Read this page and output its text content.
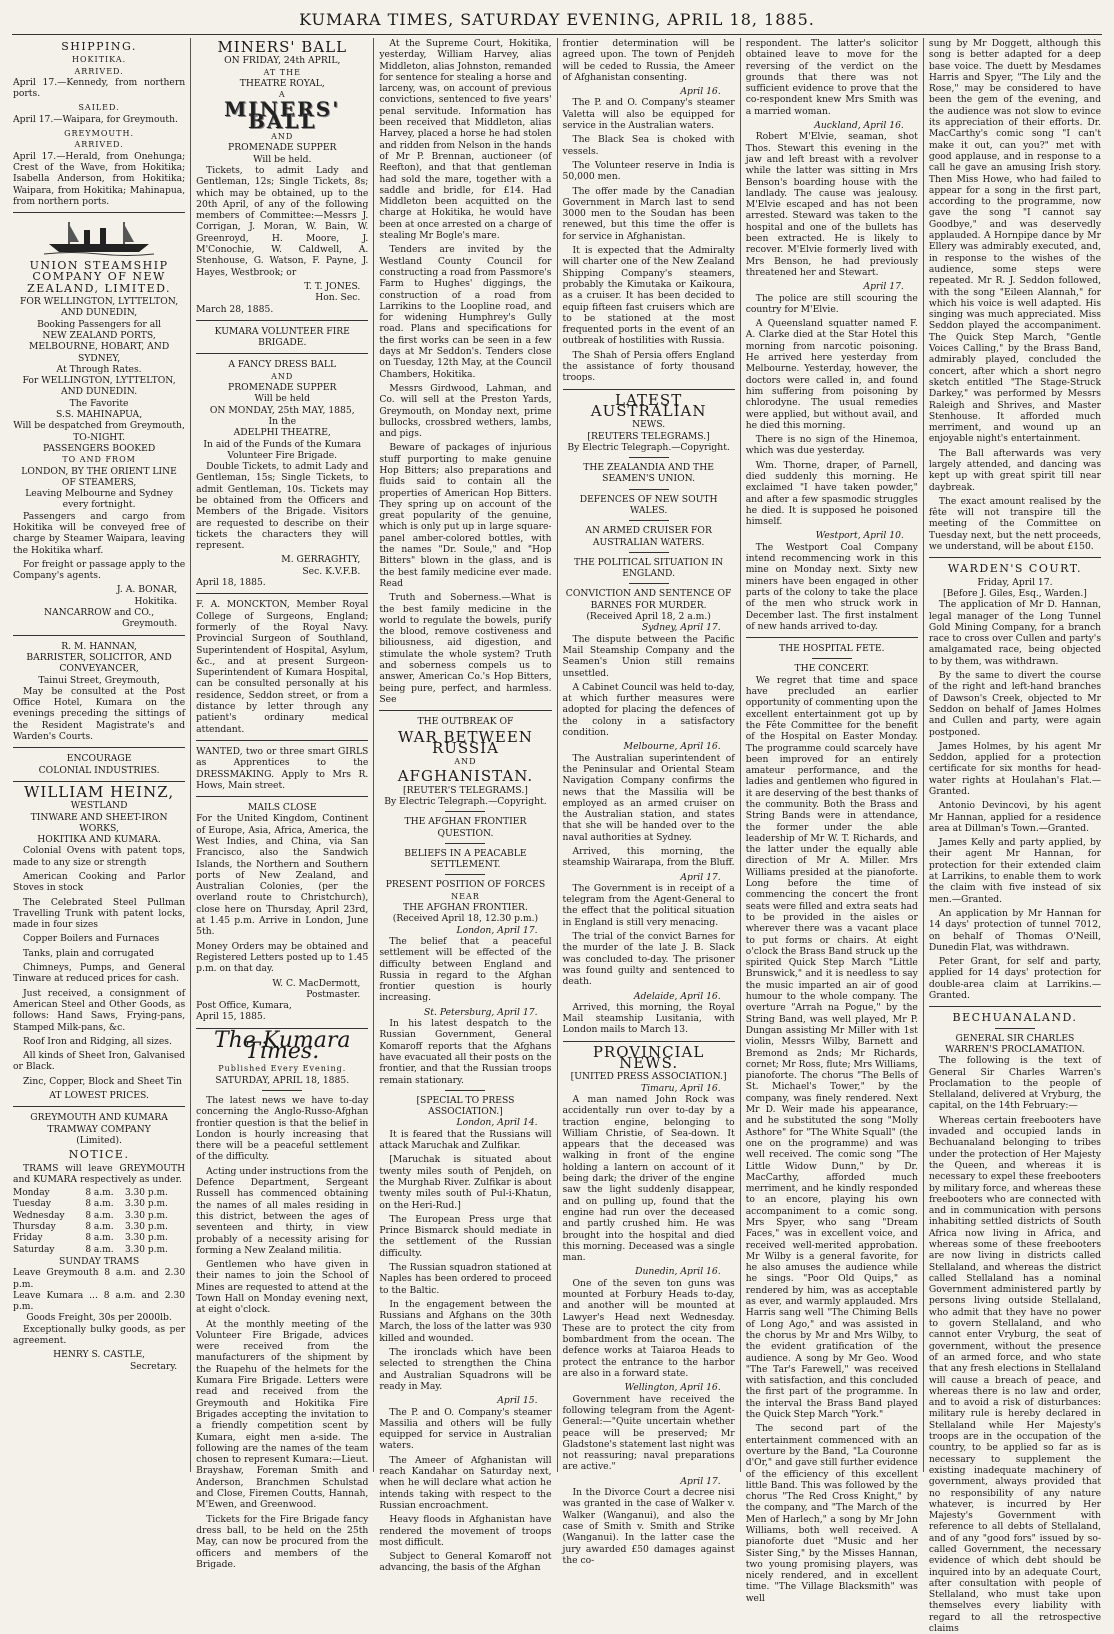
KUMARA TIMES, SATURDAY EVENING, APRIL 18, 1885.
SHIPPING.
HOKITIKA.
ARRIVED.

April 17.—Kennedy, from northern ports.

SAILED.

April 17.—Waipara, for Greymouth.

GREYMOUTH.
ARRIVED.

April 17.—Herald, from Onehunga; Crest of the Wave, from Hokitika; Isabella Anderson, from Hokitika; Waipara, from Hokitika; Mahinapua, from northern ports.

UNION STEAMSHIP COMPANY OF NEW ZEALAND, LIMITED.
FOR WELLINGTON, LYTTELTON, AND DUNEDIN,
Booking Passengers for all
NEW ZEALAND PORTS, MELBOURNE, HOBART, AND SYDNEY,
At Through Rates.
For WELLINGTON, LYTTELTON, AND DUNEDIN.
The Favorite
S.S. MAHINAPUA,
Will be despatched from Greymouth, TO-NIGHT.
PASSENGERS BOOKED
TO AND FROM
LONDON, BY THE ORIENT LINE OF STEAMERS,
Leaving Melbourne and Sydney every fortnight.

Passengers and cargo from Hokitika will be conveyed free of charge by Steamer Waipara, leaving the Hokitika wharf.

For freight or passage apply to the Company's agents.

J. A. BONAR,
Hokitika.
NANCARROW and CO.,
Greymouth.
R. M. HANNAN,
BARRISTER, SOLICITOR, AND CONVEYANCER,
Tainui Street, Greymouth,

May be consulted at the Post Office Hotel, Kumara on the evenings preceding the sittings of the Resident Magistrate's and Warden's Courts.

ENCOURAGE
COLONIAL INDUSTRIES.
WILLIAM HEINZ,
WESTLAND
TINWARE AND SHEET-IRON WORKS,
HOKITIKA AND KUMARA.

Colonial Ovens with patent tops, made to any size or strength

American Cooking and Parlor Stoves in stock

The Celebrated Steel Pullman Travelling Trunk with patent locks, made in four sizes

Copper Boilers and Furnaces

Tanks, plain and corrugated

Chimneys, Pumps, and General Tinware at reduced prices for cash.

Just received, a consignment of American Steel and Other Goods, as follows: Hand Saws, Frying-pans, Stamped Milk-pans, &c.

Roof Iron and Ridging, all sizes.

All kinds of Sheet Iron, Galvanised or Black.

Zinc, Copper, Block and Sheet Tin

AT LOWEST PRICES.
GREYMOUTH AND KUMARA TRAMWAY COMPANY
(Limited).
NOTICE.

TRAMS will leave GREYMOUTH and KUMARA respectively as under.

Monday	8 a.m.	3.30 p.m.
Tuesday	8 a.m.	3.30 p.m.
Wednesday	8 a.m.	3.30 p.m.
Thursday	8 a.m.	3.30 p.m.
Friday	8 a.m.	3.30 p.m.
Saturday	8 a.m.	3.30 p.m.
SUNDAY TRAMS
Leave Greymouth 8 a.m. and 2.30 p.m.
Leave Kumara ... 8 a.m. and 2.30 p.m.
Goods Freight, 30s per 2000lb.

Exceptionally bulky goods, as per agreement.

HENRY S. CASTLE,
Secretary.
MINERS' BALL
ON FRIDAY, 24th APRIL,
AT THE
THEATRE ROYAL,
A
MINERS' BALL
AND
PROMENADE SUPPER
Will be held.

Tickets, to admit Lady and Gentleman, 12s; Single Tickets, 8s; which may be obtained, up to the 20th April, of any of the following members of Committee:—Messrs J. Corrigan, J. Moran, W. Bain, W. Greenroyd, H. Moore, J. M'Conochie, W. Caldwell, A. Stenhouse, G. Watson, F. Payne, J. Hayes, Westbrook; or

T. T. JONES.
Hon. Sec.
March 28, 1885.
KUMARA VOLUNTEER FIRE BRIGADE.
A FANCY DRESS BALL
AND
PROMENADE SUPPER
Will be held
ON MONDAY, 25th MAY, 1885,
In the
ADELPHI THEATRE,
In aid of the Funds of the Kumara Volunteer Fire Brigade.

Double Tickets, to admit Lady and Gentleman, 15s; Single Tickets, to admit Gentleman, 10s. Tickets may be obtained from the Officers and Members of the Brigade. Visitors are requested to describe on their tickets the characters they will represent.

M. GERRAGHTY,
Sec. K.V.F.B.
April 18, 1885.

F. A. MONCKTON, Member Royal College of Surgeons, England; formerly of the Royal Navy. Provincial Surgeon of Southland, Superintendent of Hospital, Asylum, &c., and at present Surgeon-Superintendent of Kumara Hospital, can be consulted personally at his residence, Seddon street, or from a distance by letter through any patient's ordinary medical attendant.

WANTED, two or three smart GIRLS as Apprentices to the DRESSMAKING. Apply to Mrs R. Hows, Main street.

MAILS CLOSE

For the United Kingdom, Continent of Europe, Asia, Africa, America, the West Indies, and China, via San Francisco, also the Sandwich Islands, the Northern and Southern ports of New Zealand, and Australian Colonies, (per the overland route to Christchurch), close here on Thursday, April 23rd, at 1.45 p.m. Arrive in London, June 5th.

Money Orders may be obtained and Registered Letters posted up to 1.45 p.m. on that day.

W. C. MacDermott,
Postmaster.
Post Office, Kumara,
April 15, 1885.
The Kumara Times.
Published Every Evening.
SATURDAY, APRIL 18, 1885.

The latest news we have to-day concerning the Anglo-Russo-Afghan frontier question is that the belief in London is hourly increasing that there will be a peaceful settlement of the difficulty.

Acting under instructions from the Defence Department, Sergeant Russell has commenced obtaining the names of all males residing in this district, between the ages of seventeen and thirty, in view probably of a necessity arising for forming a New Zealand militia.

Gentlemen who have given in their names to join the School of Mines are requested to attend at the Town Hall on Monday evening next, at eight o'clock.

At the monthly meeting of the Volunteer Fire Brigade, advices were received from the manufacturers of the shipment by the Ruapehu of the helmets for the Kumara Fire Brigade. Letters were read and received from the Greymouth and Hokitika Fire Brigades accepting the invitation to a friendly competition scent by Kumara, eight men a-side. The following are the names of the team chosen to represent Kumara:—Lieut. Brayshaw, Foreman Smith and Anderson, Branchmen Schulstad and Close, Firemen Coutts, Hannah, M'Ewen, and Greenwood.

Tickets for the Fire Brigade fancy dress ball, to be held on the 25th May, can now be procured from the officers and members of the Brigade.

At the Supreme Court, Hokitika, yesterday, William Harvey, alias Middleton, alias Johnston, remanded for sentence for stealing a horse and larceny, was, on account of previous convictions, sentenced to five years' penal servitude. Information has been received that Middleton, alias Harvey, placed a horse he had stolen and ridden from Nelson in the hands of Mr P. Brennan, auctioneer (of Reefton), and that that gentleman had sold the mare, together with a saddle and bridle, for £14. Had Middleton been acquitted on the charge at Hokitika, he would have been at once arrested on a charge of stealing Mr Bogle's mare.

Tenders are invited by the Westland County Council for constructing a road from Passmore's Farm to Hughes' diggings, the construction of a road from Larrikins to the Loopline road, and for widening Humphrey's Gully road. Plans and specifications for the first works can be seen in a few days at Mr Seddon's. Tenders close on Tuesday, 12th May, at the Council Chambers, Hokitika.

Messrs Girdwood, Lahman, and Co. will sell at the Preston Yards, Greymouth, on Monday next, prime bullocks, crossbred wethers, lambs, and pigs.

Beware of packages of injurious stuff purporting to make genuine Hop Bitters; also preparations and fluids said to contain all the properties of American Hop Bitters. They spring up on account of the great popularity of the genuine, which is only put up in large square-panel amber-colored bottles, with the names "Dr. Soule," and "Hop Bitters" blown in the glass, and is the best family medicine ever made. Read

Truth and Soberness.—What is the best family medicine in the world to regulate the bowels, purify the blood, remove costiveness and biliousness, aid digestion, and stimulate the whole system? Truth and soberness compels us to answer, American Co.'s Hop Bitters, being pure, perfect, and harmless. See

THE OUTBREAK OF
WAR BETWEEN RUSSIA
AND
AFGHANISTAN.
[REUTER'S TELEGRAMS.]
By Electric Telegraph.—Copyright.
THE AFGHAN FRONTIER QUESTION.
BELIEFS IN A PEACABLE SETTLEMENT.
PRESENT POSITION OF FORCES
NEAR
THE AFGHAN FRONTIER.
(Received April 18, 12.30 p.m.)
London, April 17.

The belief that a peaceful settlement will be effected of the difficulty between England and Russia in regard to the Afghan frontier question is hourly increasing.

St. Petersburg, April 17.

In his latest despatch to the Russian Government, General Komaroff reports that the Afghans have evacuated all their posts on the frontier, and that the Russian troops remain stationary.

[SPECIAL TO PRESS ASSOCIATION.]
London, April 14.

It is feared that the Russians will attack Maruchak and Zulfikar.

[Maruchak is situated about twenty miles south of Penjdeh, on the Murghab River. Zulfikar is about twenty miles south of Pul-i-Khatun, on the Heri-Rud.]

The European Press urge that Prince Bismarck should mediate in the settlement of the Russian difficulty.

The Russian squadron stationed at Naples has been ordered to proceed to the Baltic.

In the engagement between the Russians and Afghans on the 30th March, the loss of the latter was 930 killed and wounded.

The ironclads which have been selected to strengthen the China and Australian Squadrons will be ready in May.

April 15.

The P. and O. Company's steamer Massilia and others will be fully equipped for service in Australian waters.

The Ameer of Afghanistan will reach Kandahar on Saturday next, when he will declare what action he intends taking with respect to the Russian encroachment.

Heavy floods in Afghanistan have rendered the movement of troops most difficult.

Subject to General Komaroff not advancing, the basis of the Afghan

frontier determination will be agreed upon. The town of Penjdeh will be ceded to Russia, the Ameer of Afghanistan consenting.

April 16.

The P. and O. Company's steamer Valetta will also be equipped for service in the Australian waters.

The Black Sea is choked with vessels.

The Volunteer reserve in India is 50,000 men.

The offer made by the Canadian Government in March last to send 3000 men to the Soudan has been renewed, but this time the offer is for service in Afghanistan.

It is expected that the Admiralty will charter one of the New Zealand Shipping Company's steamers, probably the Kimutaka or Kaikoura, as a cruiser. It has been decided to equip fifteen fast cruisers which are to be stationed at the most frequented ports in the event of an outbreak of hostilities with Russia.

The Shah of Persia offers England the assistance of forty thousand troops.

LATEST AUSTRALIAN
NEWS.
[REUTERS TELEGRAMS.]
By Electric Telegraph.—Copyright.
THE ZEALANDIA AND THE SEAMEN'S UNION.
DEFENCES OF NEW SOUTH WALES.
AN ARMED CRUISER FOR AUSTRALIAN WATERS.
THE POLITICAL SITUATION IN ENGLAND.
CONVICTION AND SENTENCE OF BARNES FOR MURDER.
(Received April 18, 2 a.m.)
Sydney, April 17.

The dispute between the Pacific Mail Steamship Company and the Seamen's Union still remains unsettled.

A Cabinet Council was held to-day, at which further measures were adopted for placing the defences of the colony in a satisfactory condition.

Melbourne, April 16.

The Australian superintendent of the Peninsular and Oriental Steam Navigation Company confirms the news that the Massilia will be employed as an armed cruiser on the Australian station, and states that she will be handed over to the naval authorities at Sydney.

Arrived, this morning, the steamship Wairarapa, from the Bluff.

April 17.

The Government is in receipt of a telegram from the Agent-General to the effect that the political situation in England is still very menacing.

The trial of the convict Barnes for the murder of the late J. B. Slack was concluded to-day. The prisoner was found guilty and sentenced to death.

Adelaide, April 16.

Arrived, this morning, the Royal Mail steamship Lusitania, with London mails to March 13.

PROVINCIAL NEWS.
[UNITED PRESS ASSOCIATION.]
Timaru, April 16.

A man named John Rock was accidentally run over to-day by a traction engine, belonging to William Christie, of Sea-down. It appears that the deceased was walking in front of the engine holding a lantern on account of it being dark; the driver of the engine saw the light suddenly disappear, and on pulling up, found that the engine had run over the deceased and partly crushed him. He was brought into the hospital and died this morning. Deceased was a single man.

Dunedin, April 16.

One of the seven ton guns was mounted at Forbury Heads to-day, and another will be mounted at Lawyer's Head next Wednesday. These are to protect the city from bombardment from the ocean. The defence works at Taiaroa Heads to protect the entrance to the harbor are also in a forward state.

Wellington, April 16.

Government have received the following telegram from the Agent-General:—"Quite uncertain whether peace will be preserved; Mr Gladstone's statement last night was not reassuring; naval preparations are active."

April 17.

In the Divorce Court a decree nisi was granted in the case of Walker v. Walker (Wanganui), and also the case of Smith v. Smith and Strike (Wanganui). In the latter case the jury awarded £50 damages against the co-

respondent. The latter's solicitor obtained leave to move for the reversing of the verdict on the grounds that there was not sufficient evidence to prove that the co-respondent knew Mrs Smith was a married woman.

Auckland, April 16.

Robert M'Elvie, seaman, shot Thos. Stewart this evening in the jaw and left breast with a revolver while the latter was sitting in Mrs Benson's boarding house with the landlady. The cause was jealousy. M'Elvie escaped and has not been arrested. Steward was taken to the hospital and one of the bullets has been extracted. He is likely to recover. M'Elvie formerly lived with Mrs Benson, he had previously threatened her and Stewart.

April 17.

The police are still scouring the country for M'Elvie.

A Queensland squatter named F. A. Clarke died at the Star Hotel this morning from narcotic poisoning. He arrived here yesterday from Melbourne. Yesterday, however, the doctors were called in, and found him suffering from poisoning by chlorodyne. The usual remedies were applied, but without avail, and he died this morning.

There is no sign of the Hinemoa, which was due yesterday.

Wm. Thorne, draper, of Parnell, died suddenly this morning. He exclaimed "I have taken powder," and after a few spasmodic struggles he died. It is supposed he poisoned himself.

Westport, April 10.

The Westport Coal Company intend recommencing work in this mine on Monday next. Sixty new miners have been engaged in other parts of the colony to take the place of the men who struck work in December last. The first instalment of new hands arrived to-day.

THE HOSPITAL FETE.
THE CONCERT.

We regret that time and space have precluded an earlier opportunity of commenting upon the excellent entertainment got up by the Fête Committee for the benefit of the Hospital on Easter Monday. The programme could scarcely have been improved for an entirely amateur performance, and the ladies and gentlemen who figured in it are deserving of the best thanks of the community. Both the Brass and String Bands were in attendance, the former under the able leadership of Mr W. T. Richards, and the latter under the equally able direction of Mr A. Miller. Mrs Williams presided at the pianoforte. Long before the time of commencing the concert the front seats were filled and extra seats had to be provided in the aisles or wherever there was a vacant place to put forms or chairs. At eight o'clock the Brass Band struck up the spirited Quick Step March "Little Brunswick," and it is needless to say the music imparted an air of good humour to the whole company. The overture "Arrah na Pogue," by the String Band, was well played, Mr P. Dungan assisting Mr Miller with 1st violin, Messrs Wilby, Barnett and Bremond as 2nds; Mr Richards, cornet; Mr Ross, flute; Mrs Williams, pianoforte. The chorus "The Bells of St. Michael's Tower," by the company, was finely rendered. Next Mr D. Weir made his appearance, and he substituted the song "Molly Asthore" for "The White Squall" (the one on the programme) and was well received. The comic song "The Little Widow Dunn," by Dr. MacCarthy, afforded much merriment, and he kindly responded to an encore, playing his own accompaniment to a comic song. Mrs Spyer, who sang "Dream Faces," was in excellent voice, and received well-merited approbation. Mr Wilby is a general favorite, for he also amuses the audience while he sings. "Poor Old Quips," as rendered by him, was as acceptable as ever, and warmly applauded. Mrs Harris sang well "The Chiming Bells of Long Ago," and was assisted in the chorus by Mr and Mrs Wilby, to the evident gratification of the audience. A song by Mr Geo. Wood "The Tar's Farewell," was received with satisfaction, and this concluded the first part of the programme. In the interval the Brass Band played the Quick Step March "York."

The second part of the entertainment commenced with an overture by the Band, "La Couronne d'Or," and gave still further evidence of the efficiency of this excellent little Band. This was followed by the chorus "The Red Cross Knight," by the company, and "The March of the Men of Harlech," a song by Mr John Williams, both well received. A pianoforte duet "Music and her Sister Sing," by the Misses Hannan, two young promising players, was nicely rendered, and in excellent time. "The Village Blacksmith" was well

sung by Mr Doggett, although this song is better adapted for a deep base voice. The duett by Mesdames Harris and Spyer, "The Lily and the Rose," may be considered to have been the gem of the evening, and the audience was not slow to evince its appreciation of their efforts. Dr. MacCarthy's comic song "I can't make it out, can you?" met with good applause, and in response to a call he gave an amusing Irish story. Then Miss Howe, who had failed to appear for a song in the first part, according to the programme, now gave the song "I cannot say Goodbye," and was deservedly applauded. A Hornpipe dance by Mr Ellery was admirably executed, and, in response to the wishes of the audience, some steps were repeated. Mr R. J. Seddon followed, with the song "Eileen Alannah," for which his voice is well adapted. His singing was much appreciated. Miss Seddon played the accompaniment. The Quick Step March, "Gentle Voices Calling," by the Brass Band, admirably played, concluded the concert, after which a short negro sketch entitled "The Stage-Struck Darkey," was performed by Messrs Raleigh and Shrives, and Master Stenhouse. It afforded much merriment, and wound up an enjoyable night's entertainment.

The Ball afterwards was very largely attended, and dancing was kept up with great spirit till near daybreak.

The exact amount realised by the fête will not transpire till the meeting of the Committee on Tuesday next, but the nett proceeds, we understand, will be about £150.

WARDEN'S COURT.
Friday, April 17.
[Before J. Giles, Esq., Warden.]

The application of Mr D. Hannan, legal manager of the Long Tunnel Gold Mining Company, for a branch race to cross over Cullen and party's amalgamated race, being objected to by them, was withdrawn.

By the same to divert the course of the right and left-hand branches of Dawson's Creek, objected to Mr Seddon on behalf of James Holmes and Cullen and party, were again postponed.

James Holmes, by his agent Mr Seddon, applied for a protection certificate for six months for head-water rights at Houlahan's Flat.—Granted.

Antonio Devincovi, by his agent Mr Hannan, applied for a residence area at Dillman's Town.—Granted.

James Kelly and party applied, by their agent Mr Hannan, for protection for their extended claim at Larrikins, to enable them to work the claim with five instead of six men.—Granted.

An application by Mr Hannan for 14 days' protection of tunnel 7012, on behalf of Thomas O'Neill, Dunedin Flat, was withdrawn.

Peter Grant, for self and party, applied for 14 days' protection for double-area claim at Larrikins.—Granted.

BECHUANALAND.
GENERAL SIR CHARLES WARREN'S PROCLAMATION.

The following is the text of General Sir Charles Warren's Proclamation to the people of Stellaland, delivered at Vryburg, the capital, on the 14th February:—

Whereas certain freebooters have invaded and occupied lands in Bechuanaland belonging to tribes under the protection of Her Majesty the Queen, and whereas it is necessary to expel these freebooters by military force, and whereas these freebooters who are connected with and in communication with persons inhabiting settled districts of South Africa now living in Africa, and whereas some of these freebooters are now living in districts called Stellaland, and whereas the district called Stellaland has a nominal Government administered partly by persons living outside Stellaland, who admit that they have no power to govern Stellaland, and who cannot enter Vryburg, the seat of government, without the presence of an armed force, and who state that any fresh elections in Stellaland will cause a breach of peace, and whereas there is no law and order, and to avoid a risk of disturbances: military rule is hereby declared in Stellaland while Her Majesty's troops are in the occupation of the country, to be applied so far as is necessary to supplement the existing inadequate machinery of government, always provided that no responsibility of any nature whatever, is incurred by Her Majesty's Government with reference to all debts of Stellaland, and of any "good fors" issued by so-called Government, the necessary evidence of which debt should be inquired into by an adequate Court, after consultation with people of Stellaland, who must take upon themselves every liability with regard to all the retrospective claims
